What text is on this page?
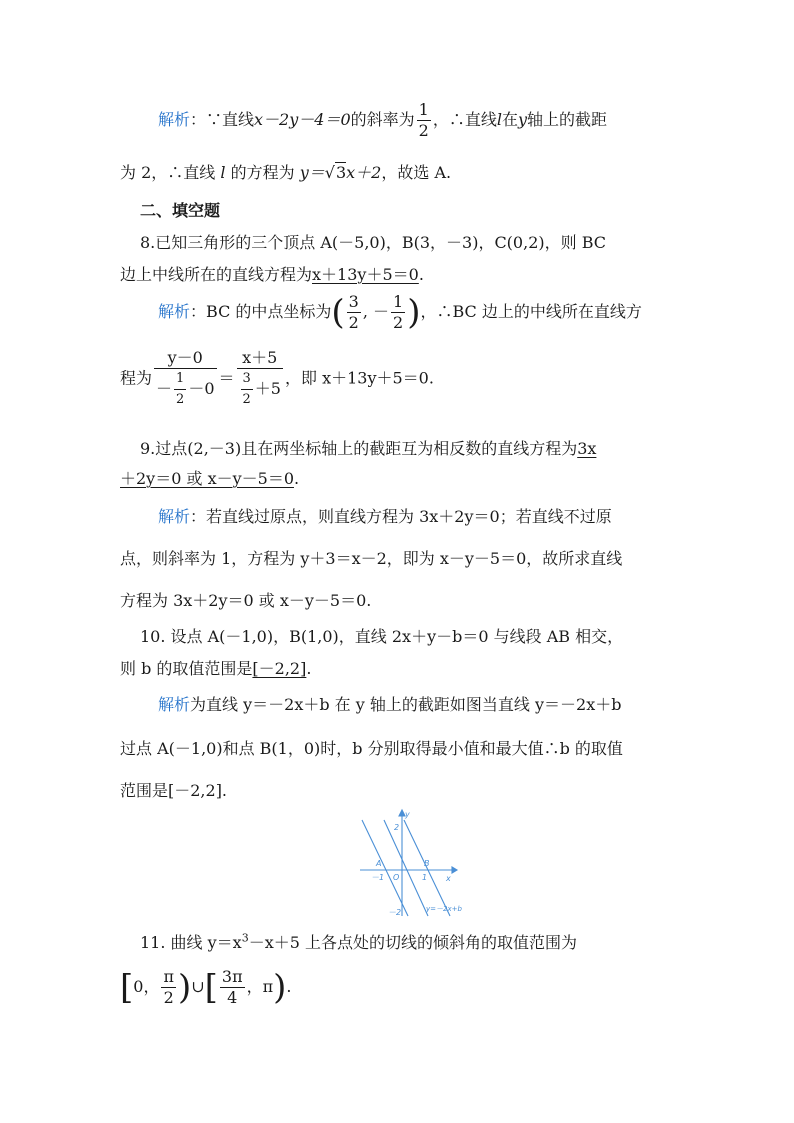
解析：∵直线x－2y－4＝0的斜率为 $\frac{1}{2}$ ，∴直线l在y轴上的截距
为 2，∴直线 l 的方程为 y＝√3x＋2，故选 A.
二、填空题
8.已知三角形的三个顶点 A(－5,0)，B(3，－3)，C(0,2)，则 BC
边上中线所在的直线方程为x＋13y＋5＝0.
解析：BC 的中点坐标为( $\frac{3}{2}$ , － $\frac{1}{2}$ )，∴BC 边上的中线所在直线方
程为 $\frac{y-0}{- \frac{1}{2} -0} = \frac{x+5}{\frac{3}{2} +5}$ ，即 x＋13y＋5＝0.
9.过点(2,－3)且在两坐标轴上的截距互为相反数的直线方程为3x
＋2y＝0 或 x－y－5＝0.
解析：若直线过原点，则直线方程为 3x＋2y＝0；若直线不过原
点，则斜率为 1，方程为 y＋3＝x－2，即为 x－y－5＝0，故所求直线
方程为 3x＋2y＝0 或 x－y－5＝0.
10. 设点 A(－1,0)，B(1,0)，直线 2x＋y－b＝0 与线段 AB 相交，
则 b 的取值范围是[－2,2].
解析为直线 y＝－2x＋b 在 y 轴上的截距如图当直线 y＝－2x＋b
过点 A(－1,0)和点 B(1，0)时，b 分别取得最小值和最大值∴b 的取值
范围是[－2,2].
y
x
2
－2
A	B
O
－1	1
y=－2x+b
11. 曲线 $y=x^3-x+5$ 上各点处的切线的倾斜角的取值范围为
[0， $\frac{\pi}{2}$ )∪[ $\frac{3\pi}{4}$ ，π).
